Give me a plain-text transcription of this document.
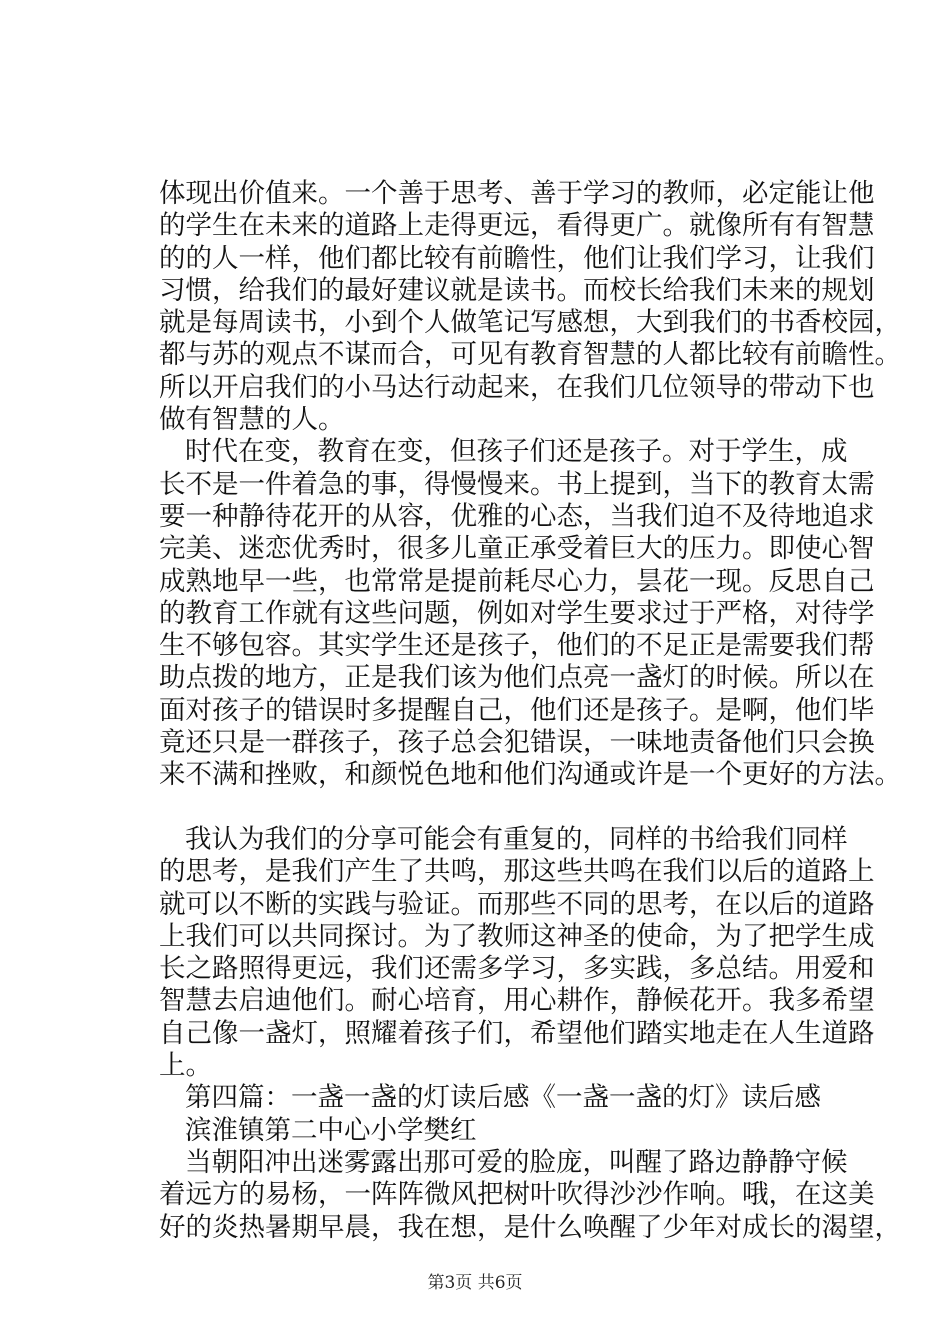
体现出价值来。一个善于思考、善于学习的教师，必定能让他
的学生在未来的道路上走得更远，看得更广。就像所有有智慧
的的人一样，他们都比较有前瞻性，他们让我们学习，让我们
习惯，给我们的最好建议就是读书。而校长给我们未来的规划
就是每周读书，小到个人做笔记写感想，大到我们的书香校园，
都与苏的观点不谋而合，可见有教育智慧的人都比较有前瞻性。
所以开启我们的小马达行动起来，在我们几位领导的带动下也
做有智慧的人。
时代在变，教育在变，但孩子们还是孩子。对于学生，成
长不是一件着急的事，得慢慢来。书上提到，当下的教育太需
要一种静待花开的从容，优雅的心态，当我们迫不及待地追求
完美、迷恋优秀时，很多儿童正承受着巨大的压力。即使心智
成熟地早一些，也常常是提前耗尽心力，昙花一现。反思自己
的教育工作就有这些问题，例如对学生要求过于严格，对待学
生不够包容。其实学生还是孩子，他们的不足正是需要我们帮
助点拨的地方，正是我们该为他们点亮一盏灯的时候。所以在
面对孩子的错误时多提醒自己，他们还是孩子。是啊，他们毕
竟还只是一群孩子，孩子总会犯错误，一味地责备他们只会换
来不满和挫败，和颜悦色地和他们沟通或许是一个更好的方法。
我认为我们的分享可能会有重复的，同样的书给我们同样
的思考，是我们产生了共鸣，那这些共鸣在我们以后的道路上
就可以不断的实践与验证。而那些不同的思考，在以后的道路
上我们可以共同探讨。为了教师这神圣的使命，为了把学生成
长之路照得更远，我们还需多学习，多实践，多总结。用爱和
智慧去启迪他们。耐心培育，用心耕作，静候花开。我多希望
自己像一盏灯，照耀着孩子们，希望他们踏实地走在人生道路
上。
第四篇：一盏一盏的灯读后感《一盏一盏的灯》读后感
滨淮镇第二中心小学樊红
当朝阳冲出迷雾露出那可爱的脸庞，叫醒了路边静静守候
着远方的易杨，一阵阵微风把树叶吹得沙沙作响。哦，在这美
好的炎热暑期早晨，我在想，是什么唤醒了少年对成长的渴望，
第3页 共6页
